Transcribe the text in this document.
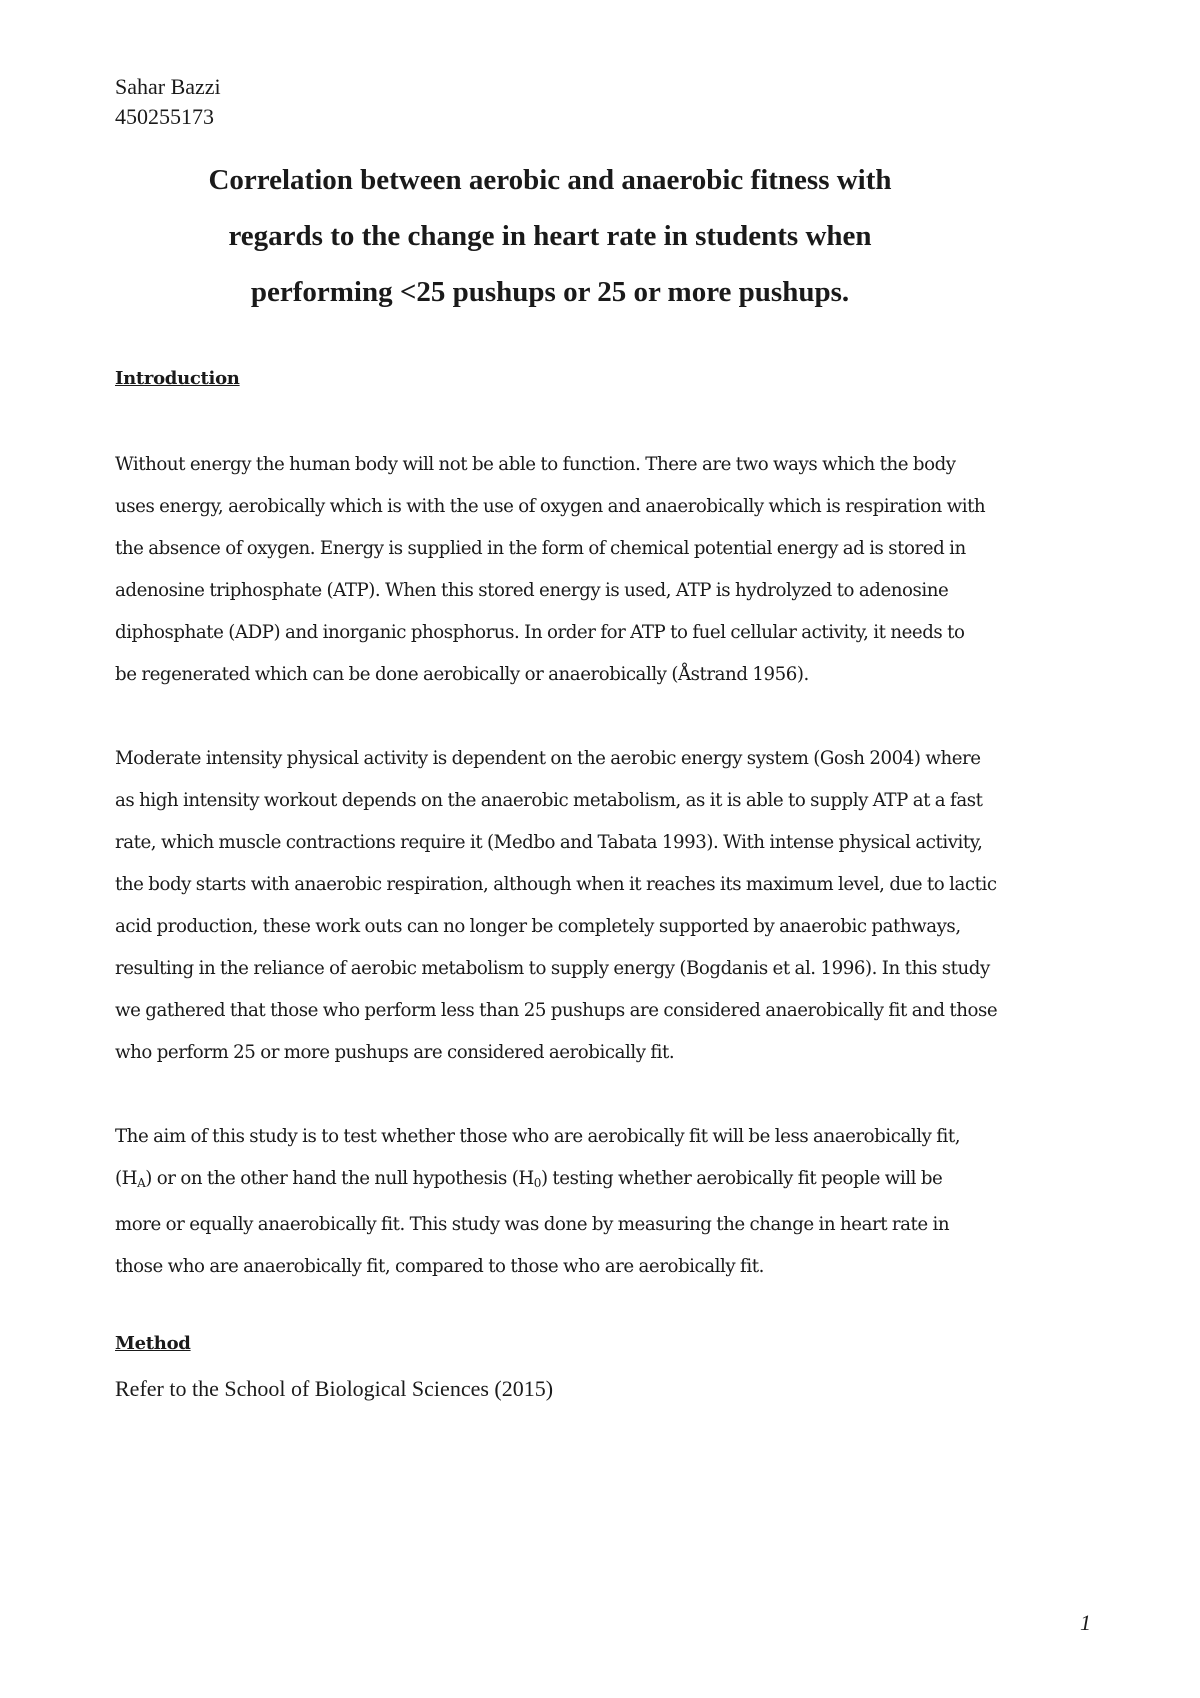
Sahar Bazzi
450255173
Correlation between aerobic and anaerobic fitness with
regards to the change in heart rate in students when
performing <25 pushups or 25 or more pushups.
Introduction
Without energy the human body will not be able to function. There are two ways which the body
uses energy, aerobically which is with the use of oxygen and anaerobically which is respiration with
the absence of oxygen. Energy is supplied in the form of chemical potential energy ad is stored in
adenosine triphosphate (ATP). When this stored energy is used, ATP is hydrolyzed to adenosine
diphosphate (ADP) and inorganic phosphorus. In order for ATP to fuel cellular activity, it needs to
be regenerated which can be done aerobically or anaerobically (Åstrand 1956).
Moderate intensity physical activity is dependent on the aerobic energy system (Gosh 2004) where
as high intensity workout depends on the anaerobic metabolism, as it is able to supply ATP at a fast
rate, which muscle contractions require it (Medbo and Tabata 1993). With intense physical activity,
the body starts with anaerobic respiration, although when it reaches its maximum level, due to lactic
acid production, these work outs can no longer be completely supported by anaerobic pathways,
resulting in the reliance of aerobic metabolism to supply energy (Bogdanis et al. 1996). In this study
we gathered that those who perform less than 25 pushups are considered anaerobically fit and those
who perform 25 or more pushups are considered aerobically fit.
The aim of this study is to test whether those who are aerobically fit will be less anaerobically fit,
$(H_A)$ or on the other hand the null hypothesis $(H_0)$ testing whether aerobically fit people will be
more or equally anaerobically fit. This study was done by measuring the change in heart rate in
those who are anaerobically fit, compared to those who are aerobically fit.
Method
Refer to the School of Biological Sciences (2015)
1
